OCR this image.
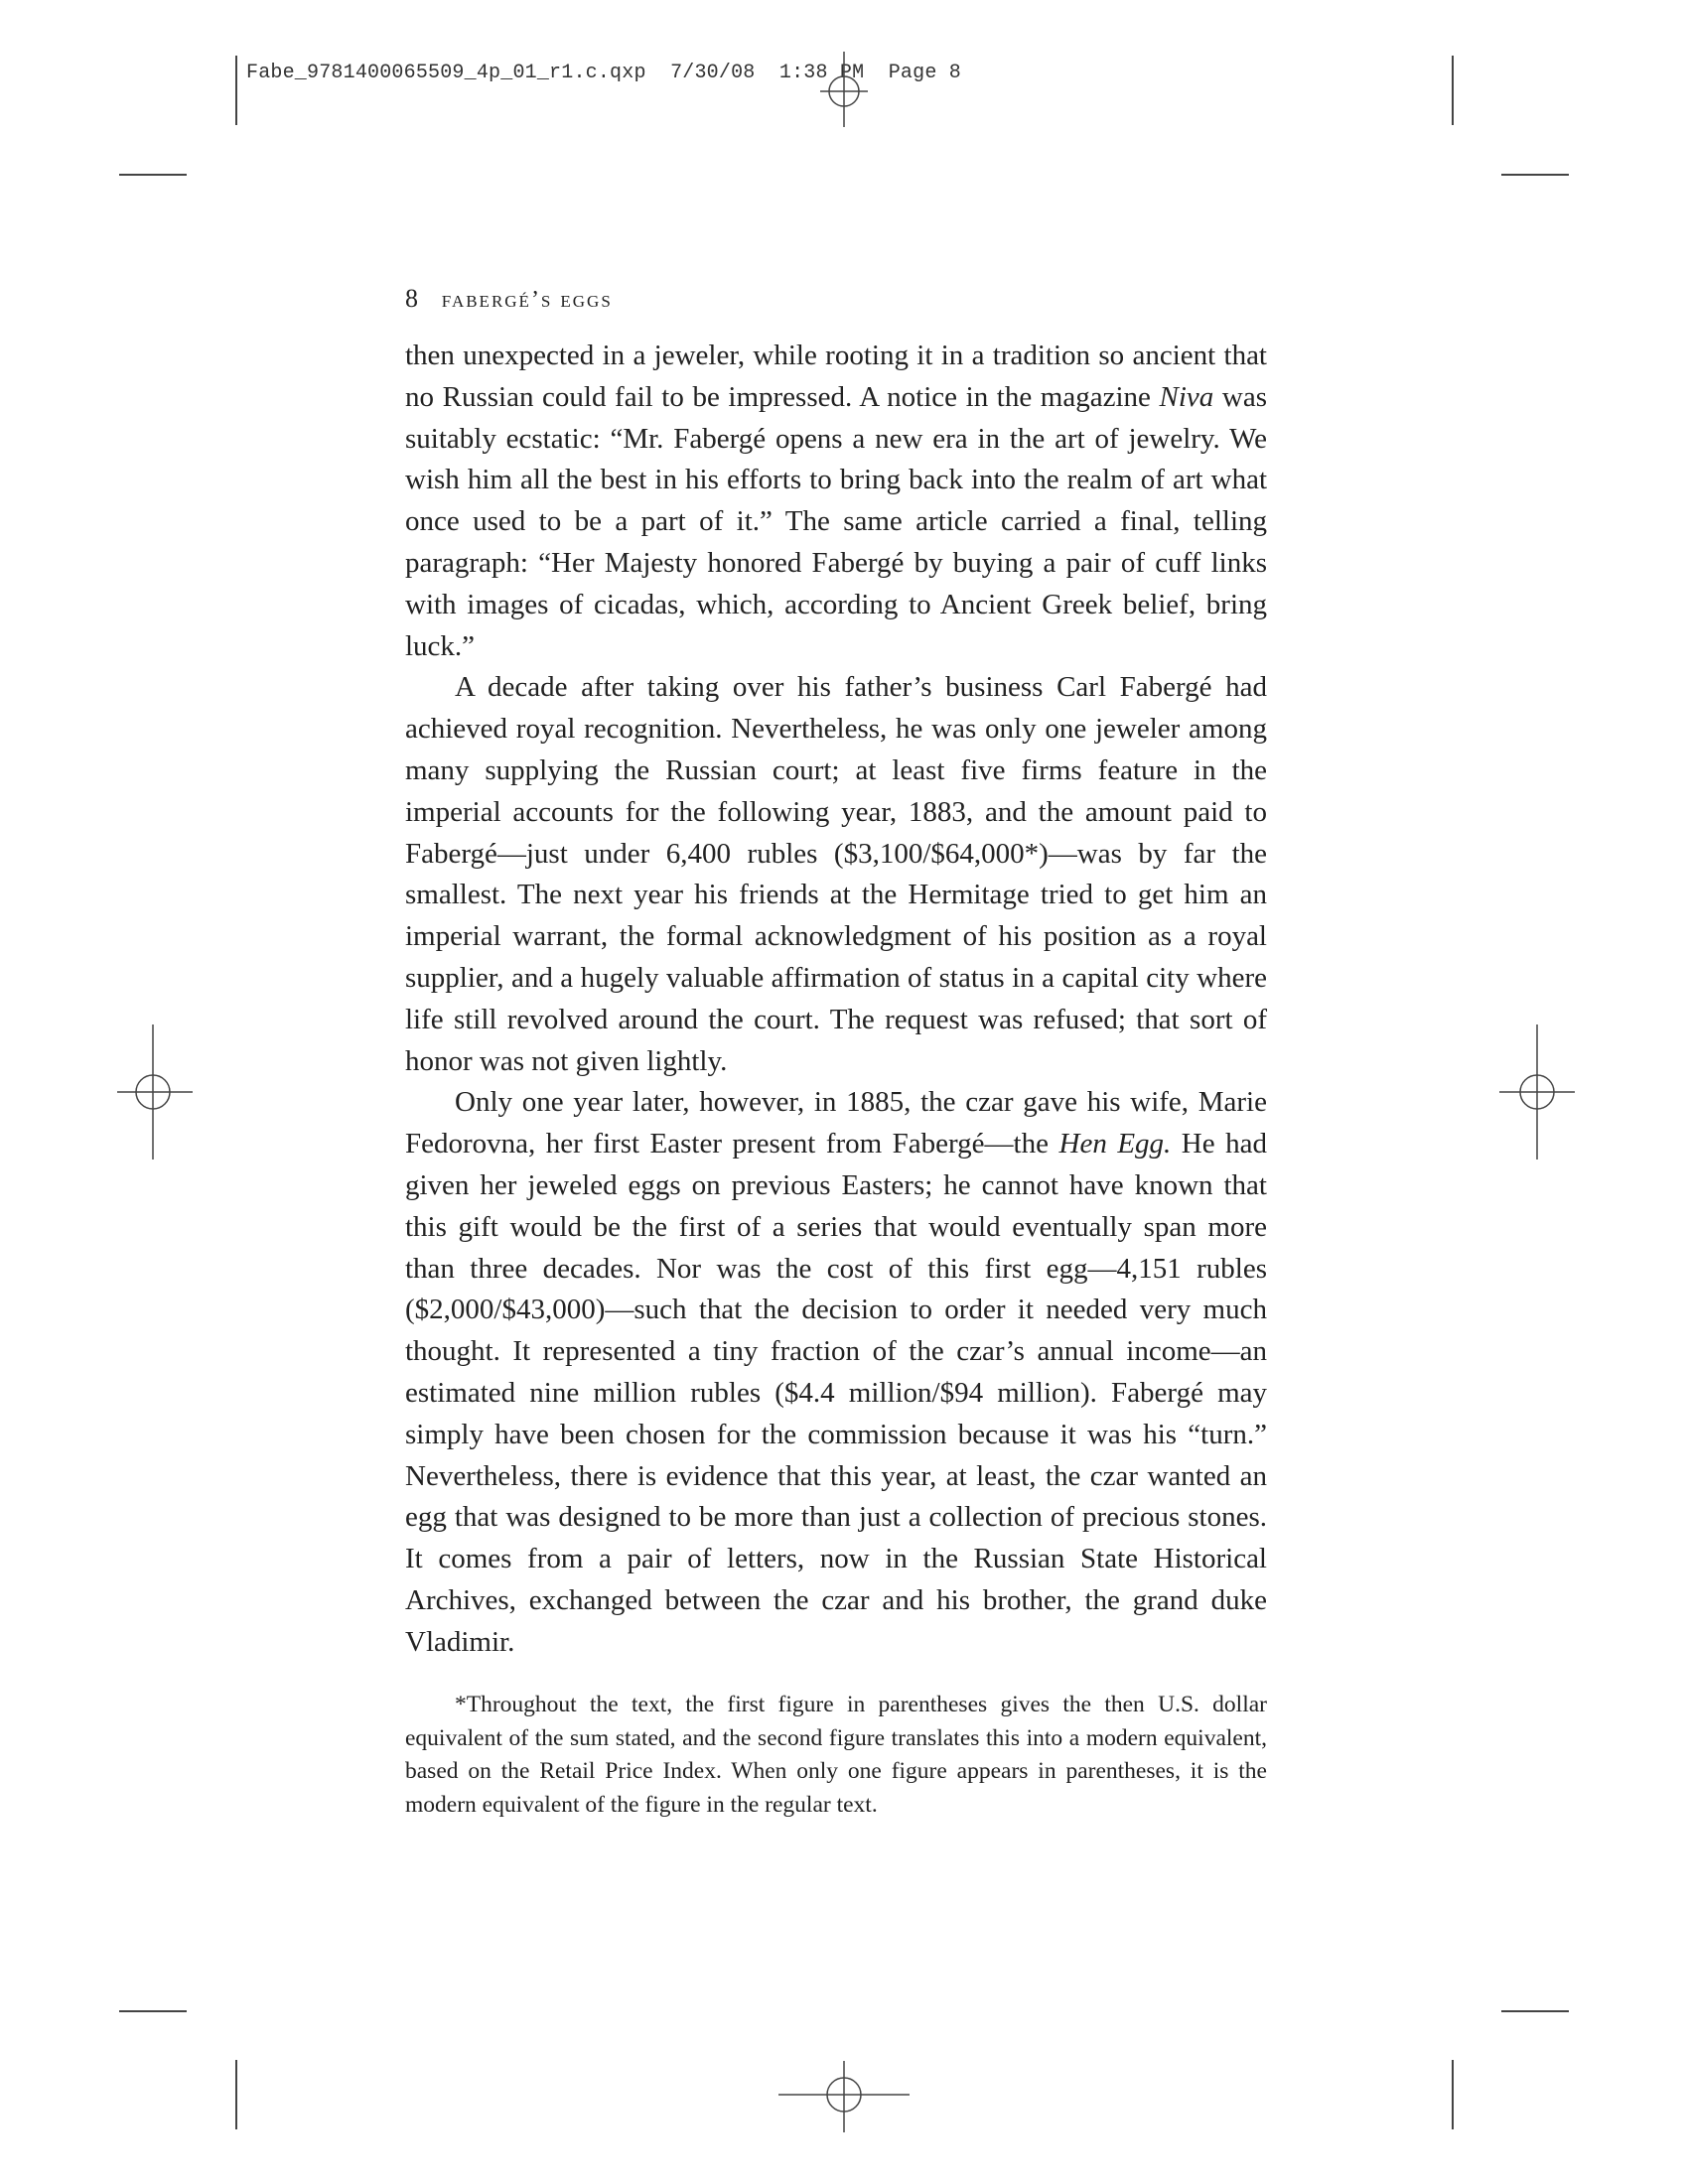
Fabe_9781400065509_4p_01_r1.c.qxp 7/30/08 1:38 PM Page 8
8 fabergé’s eggs

then unexpected in a jeweler, while rooting it in a tradition so ancient that no Russian could fail to be impressed. A notice in the magazine Niva was suitably ecstatic: “Mr. Fabergé opens a new era in the art of jewelry. We wish him all the best in his efforts to bring back into the realm of art what once used to be a part of it.” The same article carried a final, telling paragraph: “Her Majesty honored Fabergé by buying a pair of cuff links with images of cicadas, which, according to Ancient Greek belief, bring luck.”

A decade after taking over his father’s business Carl Fabergé had achieved royal recognition. Nevertheless, he was only one jeweler among many supplying the Russian court; at least five firms feature in the imperial accounts for the following year, 1883, and the amount paid to Fabergé—just under 6,400 rubles ($3,100/$64,000*)—was by far the smallest. The next year his friends at the Hermitage tried to get him an imperial warrant, the formal acknowledgment of his position as a royal supplier, and a hugely valuable affirmation of status in a capital city where life still revolved around the court. The request was refused; that sort of honor was not given lightly.

Only one year later, however, in 1885, the czar gave his wife, Marie Fedorovna, her first Easter present from Fabergé—the Hen Egg. He had given her jeweled eggs on previous Easters; he cannot have known that this gift would be the first of a series that would eventually span more than three decades. Nor was the cost of this first egg—4,151 rubles ($2,000/$43,000)—such that the decision to order it needed very much thought. It represented a tiny fraction of the czar’s annual income—an estimated nine million rubles ($4.4 million/$94 million). Fabergé may simply have been chosen for the commission because it was his “turn.” Nevertheless, there is evidence that this year, at least, the czar wanted an egg that was designed to be more than just a collection of precious stones. It comes from a pair of letters, now in the Russian State Historical Archives, exchanged between the czar and his brother, the grand duke Vladimir.

*Throughout the text, the first figure in parentheses gives the then U.S. dollar equivalent of the sum stated, and the second figure translates this into a modern equivalent, based on the Retail Price Index. When only one figure appears in parentheses, it is the modern equivalent of the figure in the regular text.
